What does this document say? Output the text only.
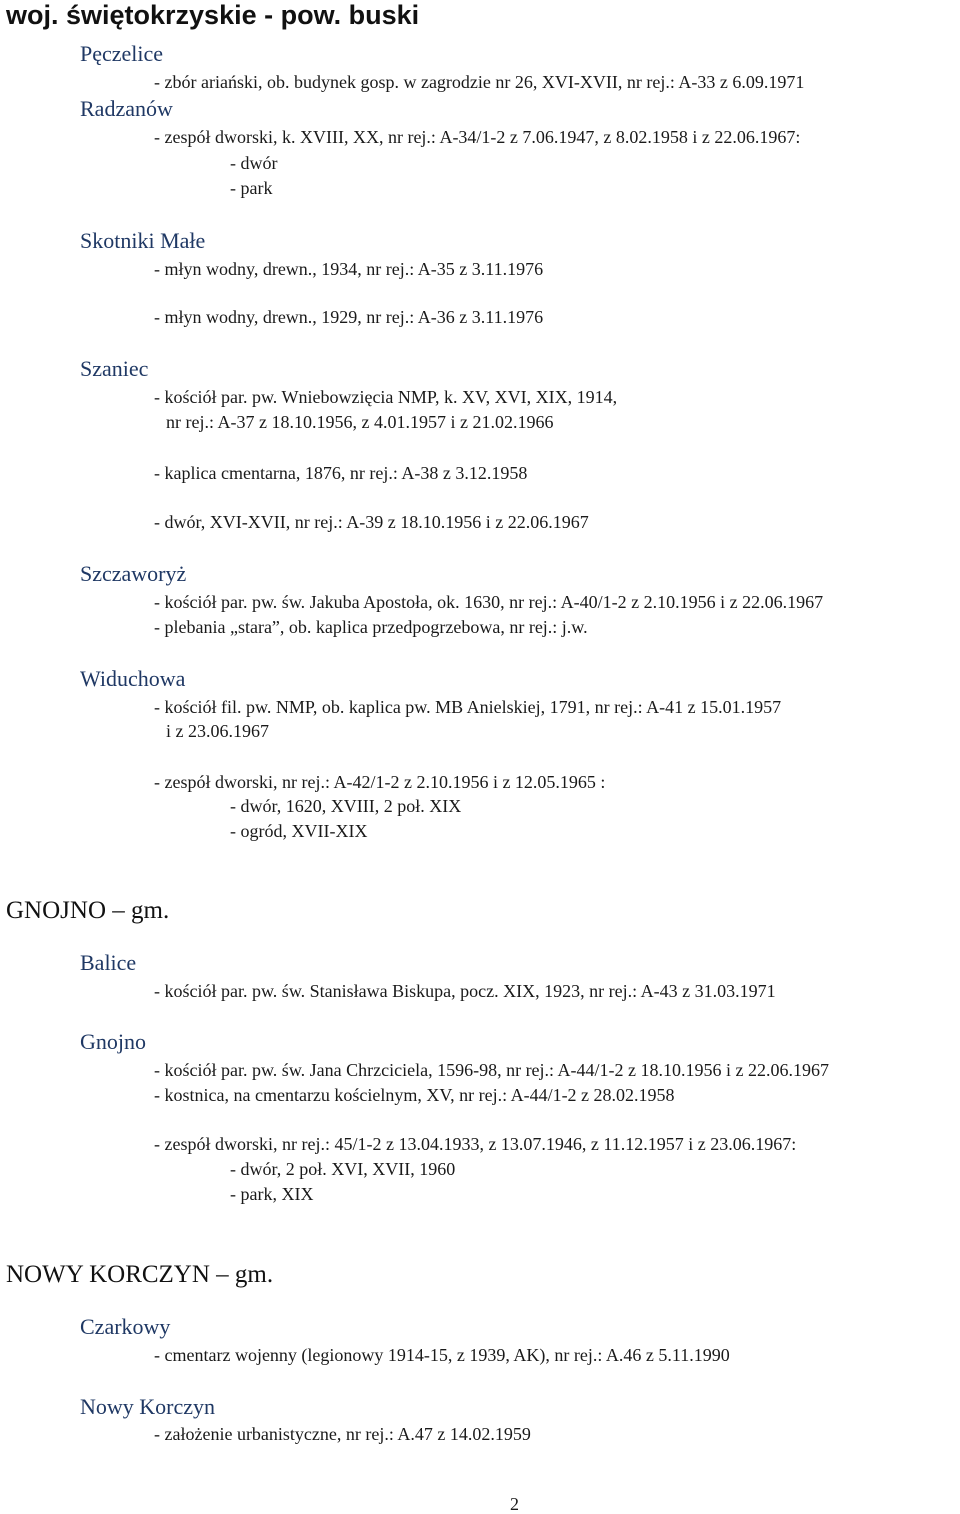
woj. świętokrzyskie - pow. buski
Pęczelice
- zbór ariański, ob. budynek gosp. w zagrodzie nr 26, XVI-XVII, nr rej.: A-33 z 6.09.1971
Radzanów
- zespół dworski, k. XVIII, XX, nr rej.: A-34/1-2 z 7.06.1947, z 8.02.1958 i z 22.06.1967:
- dwór
- park
Skotniki Małe
- młyn wodny, drewn., 1934, nr rej.: A-35 z 3.11.1976
- młyn wodny, drewn., 1929, nr rej.: A-36 z 3.11.1976
Szaniec
- kościół par. pw. Wniebowzięcia NMP, k. XV, XVI, XIX, 1914,
nr rej.: A-37 z 18.10.1956, z 4.01.1957 i z 21.02.1966
- kaplica cmentarna, 1876, nr rej.: A-38 z 3.12.1958
- dwór, XVI-XVII, nr rej.: A-39 z 18.10.1956 i z 22.06.1967
Szczaworyż
- kościół par. pw. św. Jakuba Apostoła, ok. 1630, nr rej.: A-40/1-2 z 2.10.1956 i z 22.06.1967
- plebania „stara”, ob. kaplica przedpogrzebowa, nr rej.: j.w.
Widuchowa
- kościół fil. pw. NMP, ob. kaplica pw. MB Anielskiej, 1791, nr rej.: A-41 z 15.01.1957
i z 23.06.1967
- zespół dworski, nr rej.: A-42/1-2 z 2.10.1956 i z 12.05.1965 :
- dwór, 1620, XVIII, 2 poł. XIX
- ogród, XVII-XIX
GNOJNO – gm.
Balice
- kościół par. pw. św. Stanisława Biskupa, pocz. XIX, 1923, nr rej.: A-43 z 31.03.1971
Gnojno
- kościół par. pw. św. Jana Chrzciciela, 1596-98, nr rej.: A-44/1-2 z 18.10.1956 i z 22.06.1967
- kostnica, na cmentarzu kościelnym, XV, nr rej.: A-44/1-2 z 28.02.1958
- zespół dworski, nr rej.: 45/1-2 z 13.04.1933, z 13.07.1946, z 11.12.1957 i z 23.06.1967:
- dwór, 2 poł. XVI, XVII, 1960
- park, XIX
NOWY KORCZYN – gm.
Czarkowy
- cmentarz wojenny (legionowy 1914-15, z 1939, AK), nr rej.: A.46 z 5.11.1990
Nowy Korczyn
- założenie urbanistyczne, nr rej.: A.47 z 14.02.1959
2
